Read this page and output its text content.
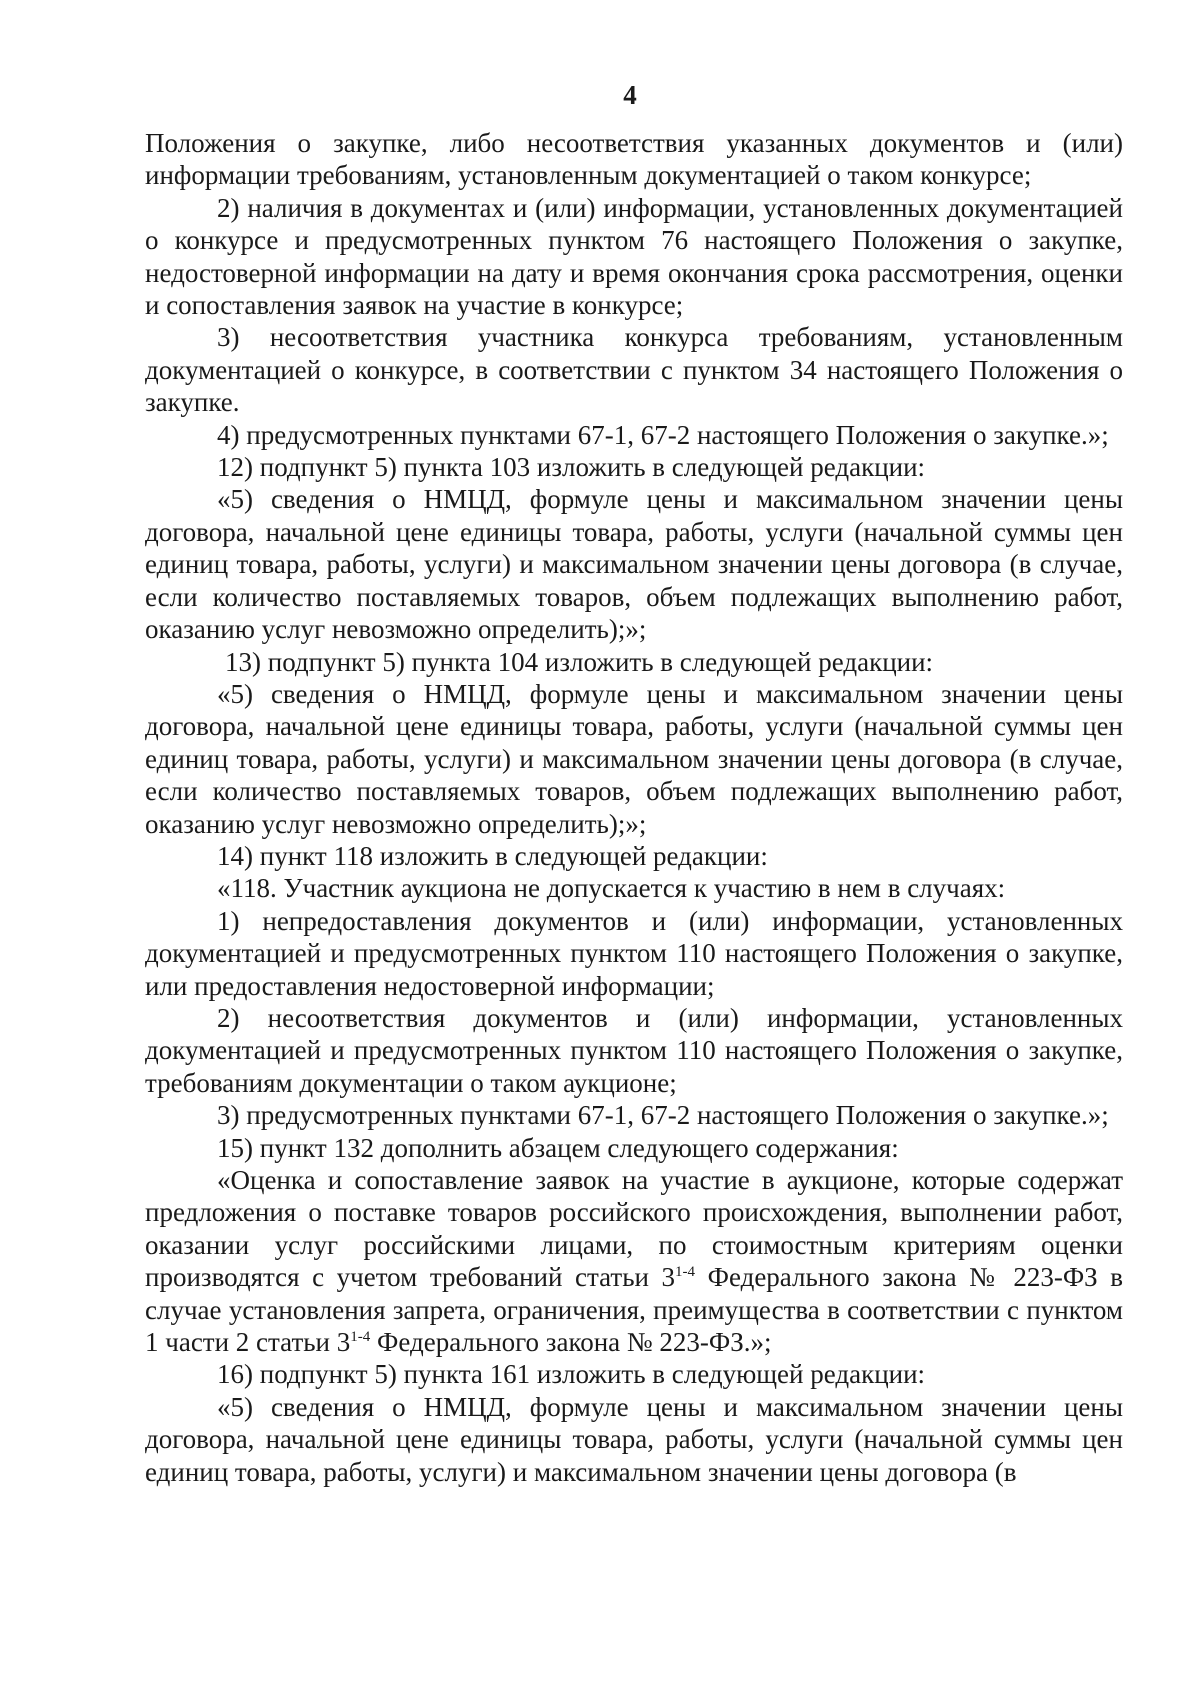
4

Положения о закупке, либо несоответствия указанных документов и (или) информации требованиям, установленным документацией о таком конкурсе;

2) наличия в документах и (или) информации, установленных документацией о конкурсе и предусмотренных пунктом 76 настоящего Положения о закупке, недостоверной информации на дату и время окончания срока рассмотрения, оценки и сопоставления заявок на участие в конкурсе;

3) несоответствия участника конкурса требованиям, установленным документацией о конкурсе, в соответствии с пунктом 34 настоящего Положения о закупке.

4) предусмотренных пунктами 67-1, 67-2 настоящего Положения о закупке.»;

12) подпункт 5) пункта 103 изложить в следующей редакции:

«5) сведения о НМЦД, формуле цены и максимальном значении цены договора, начальной цене единицы товара, работы, услуги (начальной суммы цен единиц товара, работы, услуги) и максимальном значении цены договора (в случае, если количество поставляемых товаров, объем подлежащих выполнению работ, оказанию услуг невозможно определить);»;

13) подпункт 5) пункта 104 изложить в следующей редакции:

«5) сведения о НМЦД, формуле цены и максимальном значении цены договора, начальной цене единицы товара, работы, услуги (начальной суммы цен единиц товара, работы, услуги) и максимальном значении цены договора (в случае, если количество поставляемых товаров, объем подлежащих выполнению работ, оказанию услуг невозможно определить);»;

14) пункт 118 изложить в следующей редакции:

«118. Участник аукциона не допускается к участию в нем в случаях:

1) непредоставления документов и (или) информации, установленных документацией и предусмотренных пунктом 110 настоящего Положения о закупке, или предоставления недостоверной информации;

2) несоответствия документов и (или) информации, установленных документацией и предусмотренных пунктом 110 настоящего Положения о закупке, требованиям документации о таком аукционе;

3) предусмотренных пунктами 67-1, 67-2 настоящего Положения о закупке.»;

15) пункт 132 дополнить абзацем следующего содержания:

«Оценка и сопоставление заявок на участие в аукционе, которые содержат предложения о поставке товаров российского происхождения, выполнении работ, оказании услуг российскими лицами, по стоимостным критериям оценки производятся с учетом требований статьи 3$^{1-4}$ Федерального закона № 223-ФЗ в случае установления запрета, ограничения, преимущества в соответствии с пунктом 1 части 2 статьи 3$^{1-4}$ Федерального закона № 223-ФЗ.»;

16) подпункт 5) пункта 161 изложить в следующей редакции:

«5) сведения о НМЦД, формуле цены и максимальном значении цены договора, начальной цене единицы товара, работы, услуги (начальной суммы цен единиц товара, работы, услуги) и максимальном значении цены договора (в
